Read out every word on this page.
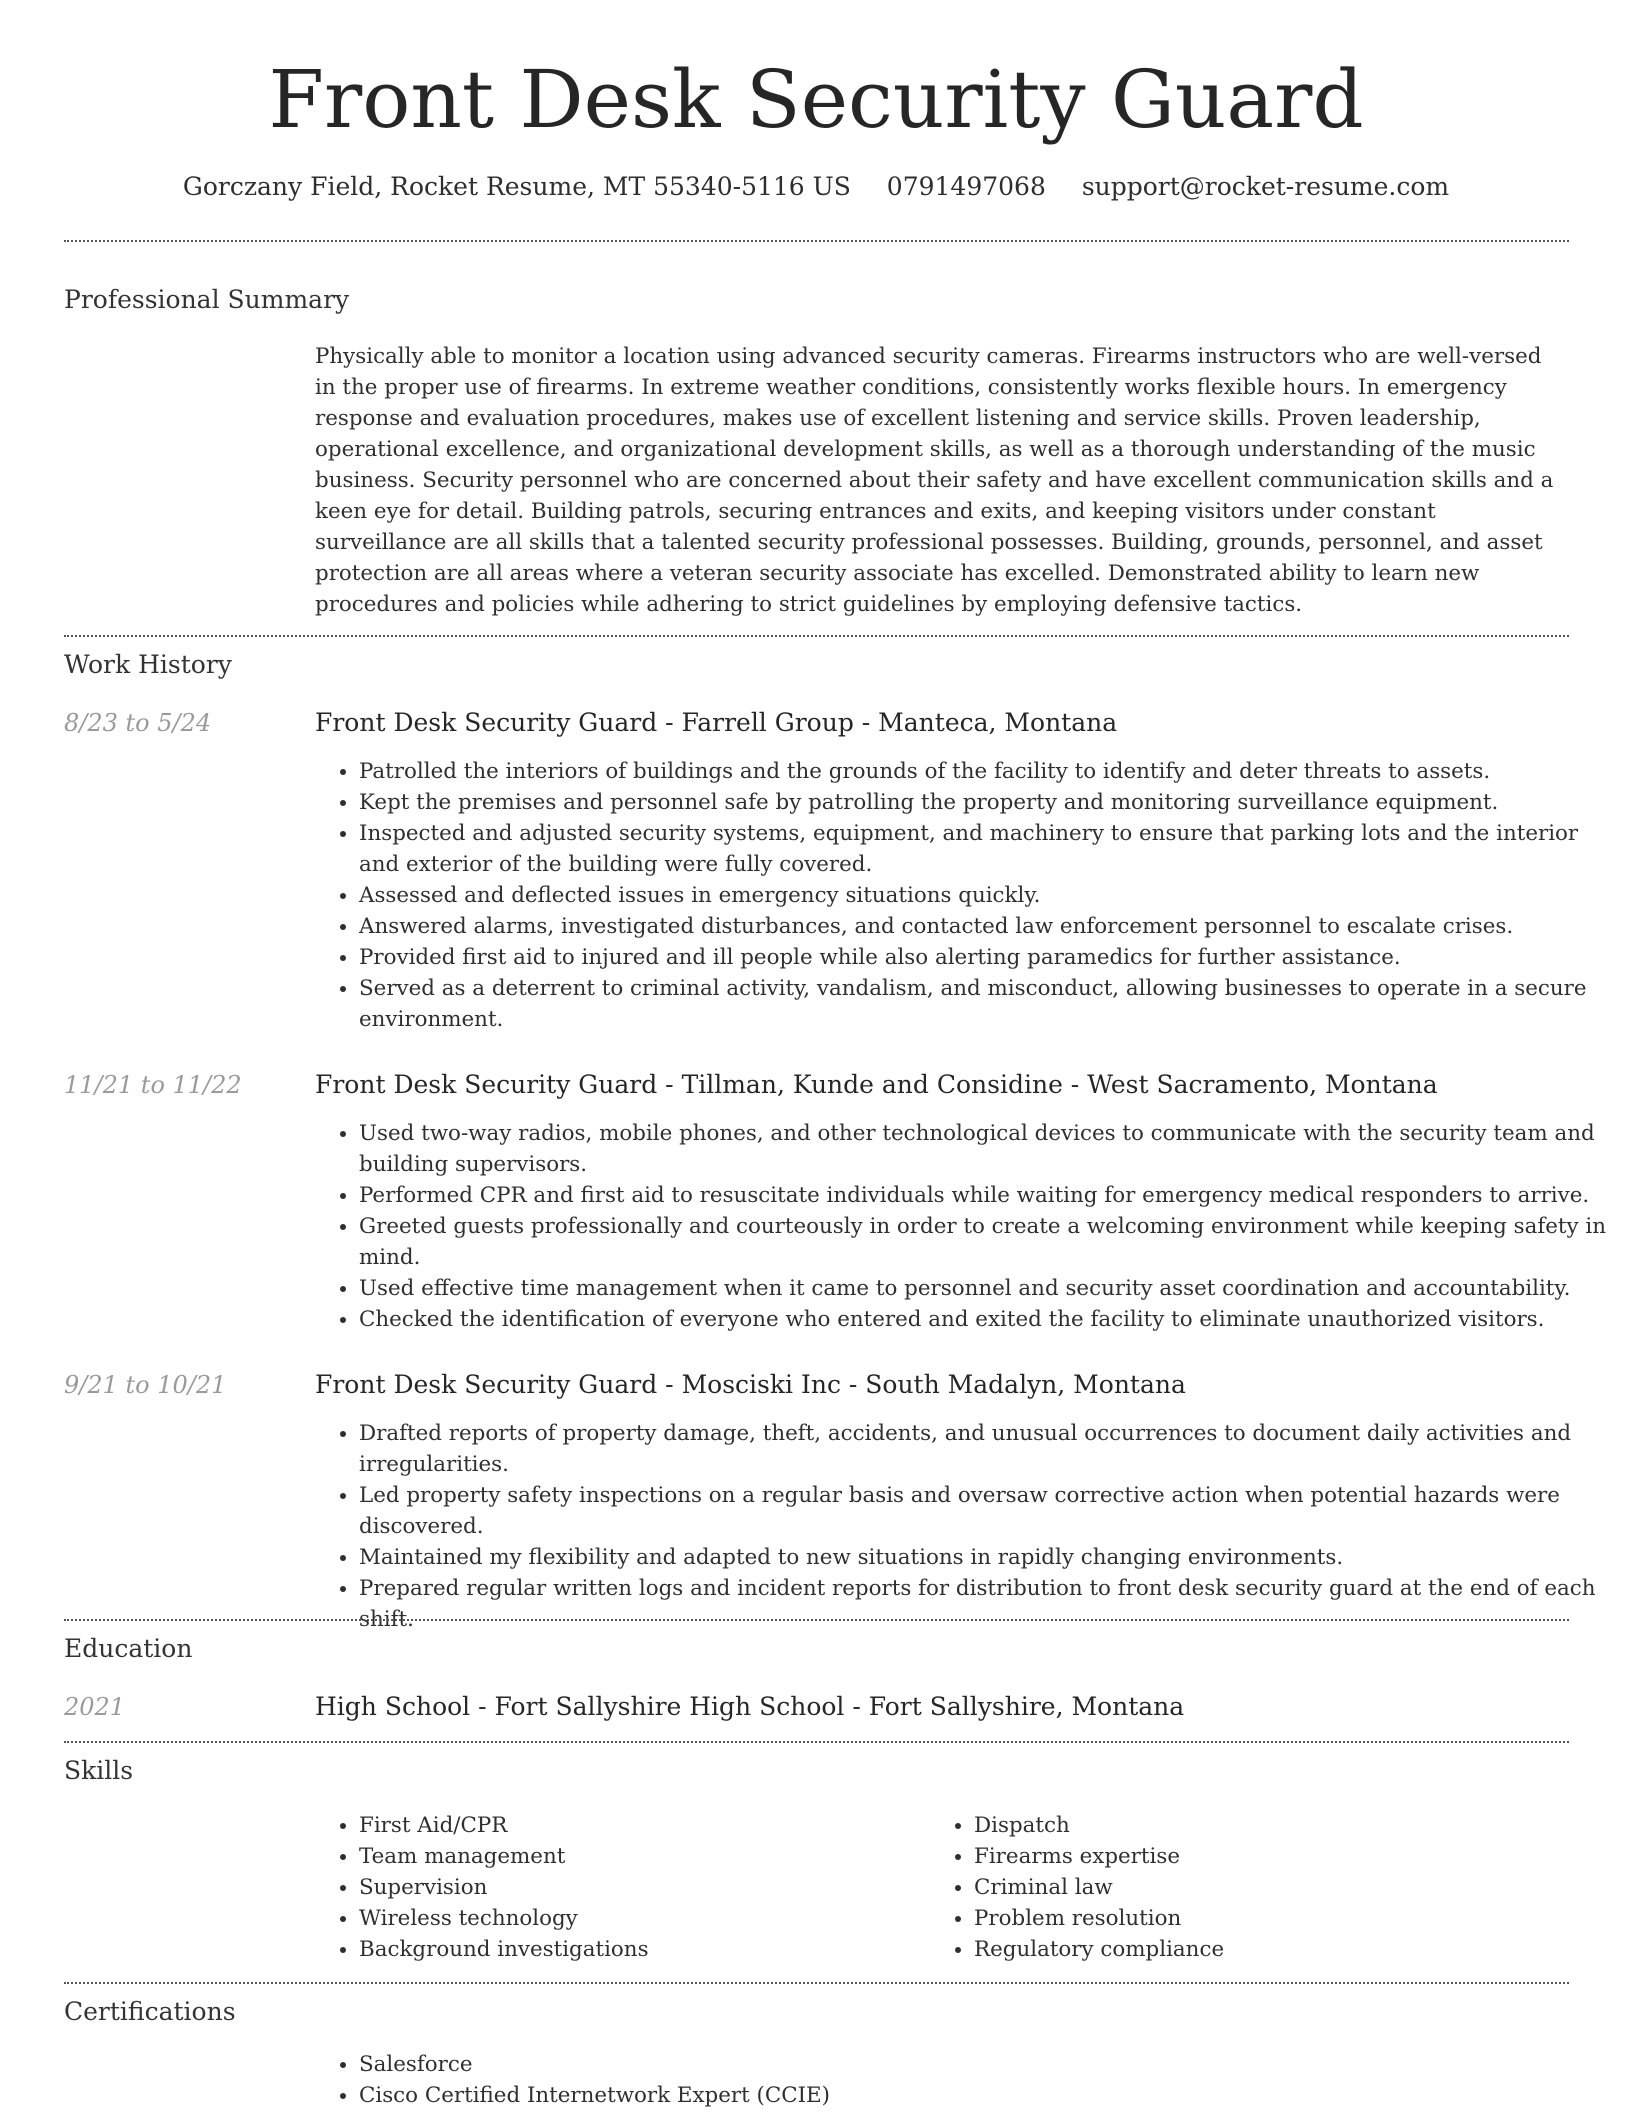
Front Desk Security Guard
Gorczany Field, Rocket Resume, MT 55340-5116 US 0791497068 support@rocket-resume.com
Professional Summary

Physically able to monitor a location using advanced security cameras. Firearms instructors who are well-versed in the proper use of firearms. In extreme weather conditions, consistently works flexible hours. In emergency response and evaluation procedures, makes use of excellent listening and service skills. Proven leadership, operational excellence, and organizational development skills, as well as a thorough understanding of the music business. Security personnel who are concerned about their safety and have excellent communication skills and a keen eye for detail. Building patrols, securing entrances and exits, and keeping visitors under constant surveillance are all skills that a talented security professional possesses. Building, grounds, personnel, and asset protection are all areas where a veteran security associate has excelled. Demonstrated ability to learn new procedures and policies while adhering to strict guidelines by employing defensive tactics.

Work History
8/23 to 5/24	Front Desk Security Guard - Farrell Group - Manteca, Montana
• Patrolled the interiors of buildings and the grounds of the facility to identify and deter threats to assets.
• Kept the premises and personnel safe by patrolling the property and monitoring surveillance equipment.
• Inspected and adjusted security systems, equipment, and machinery to ensure that parking lots and the interior and exterior of the building were fully covered.
• Assessed and deflected issues in emergency situations quickly.
• Answered alarms, investigated disturbances, and contacted law enforcement personnel to escalate crises.
• Provided first aid to injured and ill people while also alerting paramedics for further assistance.
• Served as a deterrent to criminal activity, vandalism, and misconduct, allowing businesses to operate in a secure environment.
11/21 to 11/22	Front Desk Security Guard - Tillman, Kunde and Considine - West Sacramento, Montana
• Used two-way radios, mobile phones, and other technological devices to communicate with the security team and building supervisors.
• Performed CPR and first aid to resuscitate individuals while waiting for emergency medical responders to arrive.
• Greeted guests professionally and courteously in order to create a welcoming environment while keeping safety in mind.
• Used effective time management when it came to personnel and security asset coordination and accountability.
• Checked the identification of everyone who entered and exited the facility to eliminate unauthorized visitors.
9/21 to 10/21	Front Desk Security Guard - Mosciski Inc - South Madalyn, Montana
• Drafted reports of property damage, theft, accidents, and unusual occurrences to document daily activities and irregularities.
• Led property safety inspections on a regular basis and oversaw corrective action when potential hazards were discovered.
• Maintained my flexibility and adapted to new situations in rapidly changing environments.
• Prepared regular written logs and incident reports for distribution to front desk security guard at the end of each shift.
Education
2021	High School - Fort Sallyshire High School - Fort Sallyshire, Montana
Skills
• First Aid/CPR
• Team management
• Supervision
• Wireless technology
• Background investigations
• Dispatch
• Firearms expertise
• Criminal law
• Problem resolution
• Regulatory compliance
Certifications
• Salesforce
• Cisco Certified Internetwork Expert (CCIE)
